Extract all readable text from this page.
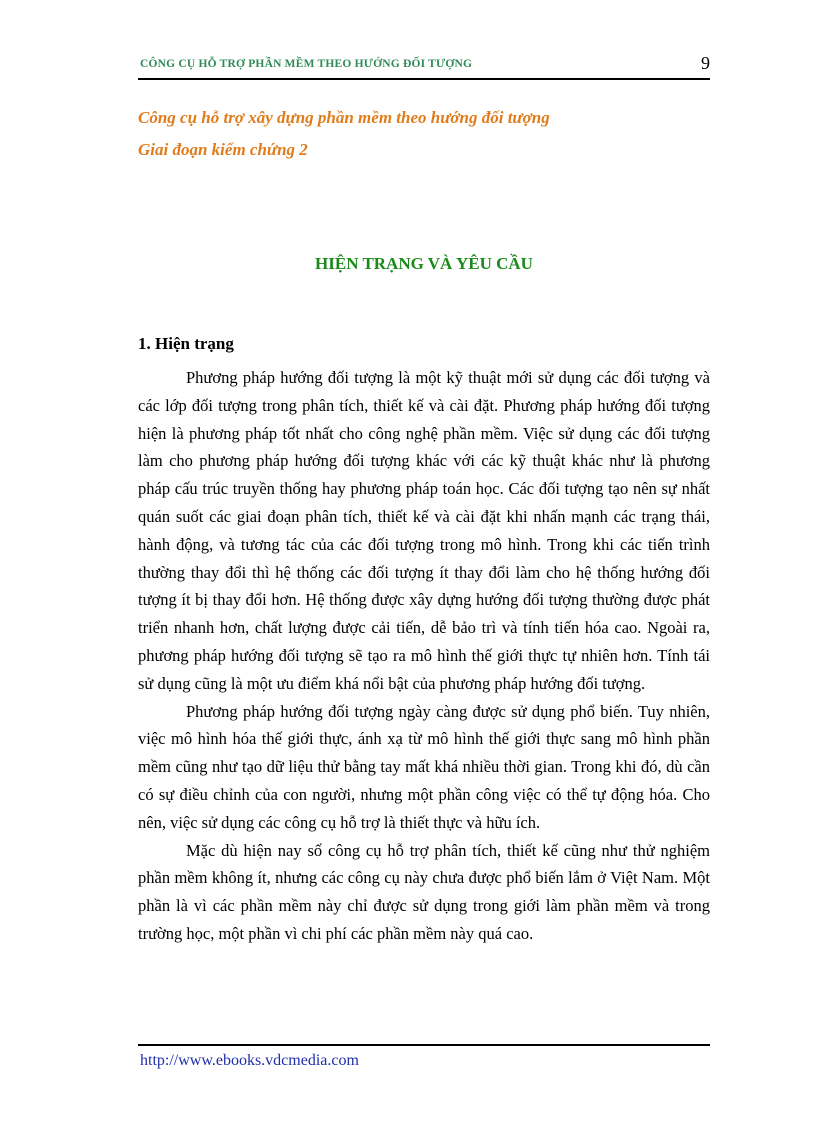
CÔNG CỤ HỖ TRỢ PHẦN MỀM THEO HƯỚNG ĐỐI TƯỢNG	9
Công cụ hỗ trợ xây dựng phần mềm theo hướng đối tượng
Giai đoạn kiểm chứng 2
HIỆN TRẠNG VÀ YÊU CẦU
1. Hiện trạng

Phương pháp hướng đối tượng là một kỹ thuật mới sử dụng các đối tượng và các lớp đối tượng trong phân tích, thiết kế và cài đặt. Phương pháp hướng đối tượng hiện là phương pháp tốt nhất cho công nghệ phần mềm. Việc sử dụng các đối tượng làm cho phương pháp hướng đối tượng khác với các kỹ thuật khác như là phương pháp cấu trúc truyền thống hay phương pháp toán học. Các đối tượng tạo nên sự nhất quán suốt các giai đoạn phân tích, thiết kế và cài đặt khi nhấn mạnh các trạng thái, hành động, và tương tác của các đối tượng trong mô hình. Trong khi các tiến trình thường thay đổi thì hệ thống các đối tượng ít thay đổi làm cho hệ thống hướng đối tượng ít bị thay đổi hơn. Hệ thống được xây dựng hướng đối tượng thường được phát triển nhanh hơn, chất lượng được cải tiến, dễ bảo trì và tính tiến hóa cao. Ngoài ra, phương pháp hướng đối tượng sẽ tạo ra mô hình thế giới thực tự nhiên hơn. Tính tái sử dụng cũng là một ưu điểm khá nổi bật của phương pháp hướng đối tượng.

Phương pháp hướng đối tượng ngày càng được sử dụng phổ biến. Tuy nhiên, việc mô hình hóa thế giới thực, ánh xạ từ mô hình thế giới thực sang mô hình phần mềm cũng như tạo dữ liệu thử bằng tay mất khá nhiều thời gian. Trong khi đó, dù cần có sự điều chỉnh của con người, nhưng một phần công việc có thể tự động hóa. Cho nên, việc sử dụng các công cụ hỗ trợ là thiết thực và hữu ích.

Mặc dù hiện nay số công cụ hỗ trợ phân tích, thiết kế cũng như thử nghiệm phần mềm không ít, nhưng các công cụ này chưa được phổ biến lắm ở Việt Nam. Một phần là vì các phần mềm này chỉ được sử dụng trong giới làm phần mềm và trong trường học, một phần vì chi phí các phần mềm này quá cao.

http://www.ebooks.vdcmedia.com
